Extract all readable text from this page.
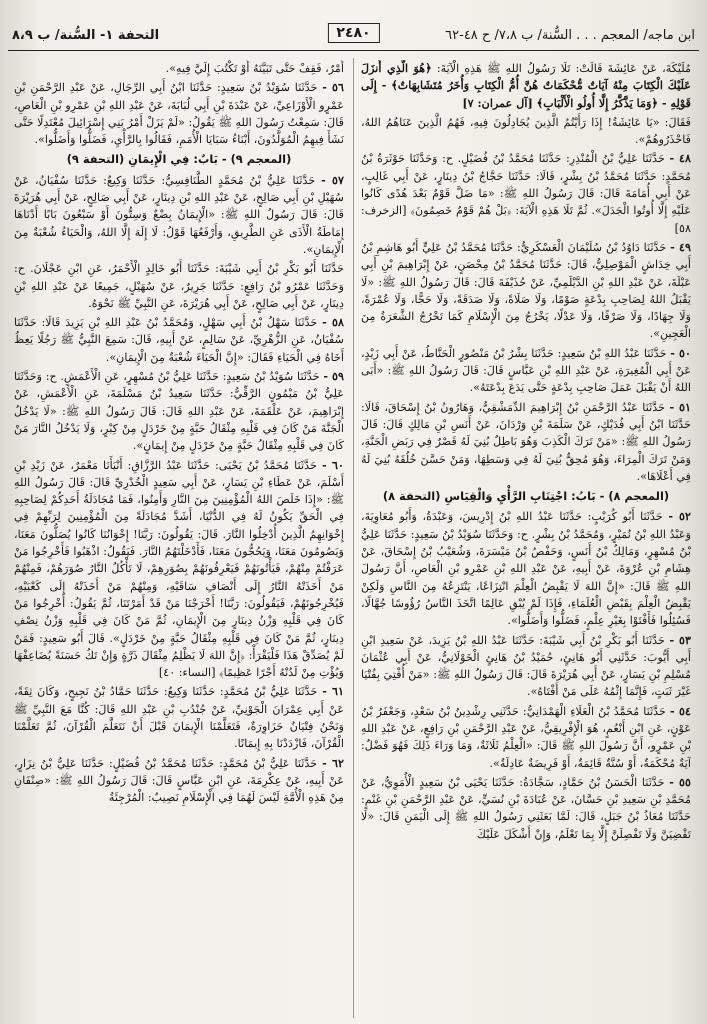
ابن ماجه/ المعجم . . . السُّنة/ ب ٧،٨/ ح ٤٨-٦٢
٢٤٨٠
التحفة ١- السُّنة/ ب ٨،٩

مُلَيْكَةَ، عَنْ عَائِشَةَ قَالَتْ: تَلَا رَسُولُ اللهِ ﷺ هَذِهِ الْآيَةَ: ﴿هُوَ الَّذِي أَنزَلَ عَلَيْكَ الْكِتَابَ مِنْهُ آيَاتٌ مُّحْكَمَاتٌ هُنَّ أُمُّ الْكِتَابِ وَأُخَرُ مُتَشَابِهَاتٌ﴾ - إِلَى قَوْلِهِ - ﴿وَمَا يَذَّكَّرُ إِلَّا أُولُو الْأَلْبَابِ﴾ [آل عمران: ٧]

فَقَالَ: «يَا عَائِشَةُ! إِذَا رَأَيْتُمُ الَّذِينَ يُجَادِلُونَ فِيهِ، فَهُمُ الَّذِينَ عَنَاهُمُ اللهُ، فَاحْذَرُوهُمْ».

٤٨ - حَدَّثَنَا عَلِيُّ بْنُ الْمُنْذِرِ: حَدَّثَنَا مُحَمَّدُ بْنُ فُضَيْلٍ. ح: وَحَدَّثَنَا حَوْثَرَةُ بْنُ مُحَمَّدٍ: حَدَّثَنَا مُحَمَّدُ بْنُ بِشْرٍ، قَالَا: حَدَّثَنَا حَجَّاجُ بْنُ دِينَارٍ، عَنْ أَبِي غَالِبٍ، عَنْ أَبِي أُمَامَةَ قَالَ: قَالَ رَسُولُ اللهِ ﷺ: «مَا ضَلَّ قَوْمٌ بَعْدَ هُدًى كَانُوا عَلَيْهِ إِلَّا أُوتُوا الْجَدَلَ». ثُمَّ تَلَا هَذِهِ الْآيَةَ: ﴿بَلْ هُمْ قَوْمٌ خَصِمُونَ﴾ [الزخرف: ٥٨]

٤٩ - حَدَّثَنَا دَاوُدُ بْنُ سُلَيْمَانَ الْعَسْكَرِيُّ: حَدَّثَنَا مُحَمَّدُ بْنُ عَلِيٍّ أَبُو هَاشِمِ بْنُ أَبِي خِدَاشٍ الْمَوْصِلِيُّ، قَالَ: حَدَّثَنَا مُحَمَّدُ بْنُ مِحْصَنٍ، عَنْ إِبْرَاهِيمَ بْنِ أَبِي عَبْلَةَ، عَنْ عَبْدِ اللهِ بْنِ الدَّيْلَمِيِّ، عَنْ حُذَيْفَةَ قَالَ: قَالَ رَسُولُ اللهِ ﷺ: «لَا يَقْبَلُ اللهُ لِصَاحِبِ بِدْعَةٍ صَوْمًا، وَلَا صَلَاةً، وَلَا صَدَقَةً، وَلَا حَجًّا، وَلَا عُمْرَةً، وَلَا جِهَادًا، وَلَا صَرْفًا، وَلَا عَدْلًا، يَخْرُجُ مِنَ الْإِسْلَامِ كَمَا تَخْرُجُ الشَّعَرَةُ مِنَ الْعَجِينِ».

٥٠ - حَدَّثَنَا عَبْدُ اللهِ بْنُ سَعِيدٍ: حَدَّثَنَا بِشْرُ بْنُ مَنْصُورٍ الْحَنَّاطُ، عَنْ أَبِي زَيْدٍ، عَنْ أَبِي الْمُغِيرَةِ، عَنْ عَبْدِ اللهِ بْنِ عَبَّاسٍ قَالَ: قَالَ رَسُولُ اللهِ ﷺ: «أَبَى اللهُ أَنْ يَقْبَلَ عَمَلَ صَاحِبِ بِدْعَةٍ حَتَّى يَدَعَ بِدْعَتَهُ».

٥١ - حَدَّثَنَا عَبْدُ الرَّحْمَنِ بْنُ إِبْرَاهِيمَ الدِّمَشْقِيُّ، وَهَارُونُ بْنُ إِسْحَاقَ، قَالَا: حَدَّثَنَا ابْنُ أَبِي فُدَيْكٍ، عَنْ سَلَمَةَ بْنِ وَرْدَانَ، عَنْ أَنَسِ بْنِ مَالِكٍ قَالَ: قَالَ رَسُولُ اللهِ ﷺ: «مَنْ تَرَكَ الْكَذِبَ وَهُوَ بَاطِلٌ بُنِيَ لَهُ قَصْرٌ فِي رَبَضِ الْجَنَّةِ، وَمَنْ تَرَكَ الْمِرَاءَ، وَهُوَ مُحِقٌّ بُنِيَ لَهُ فِي وَسَطِهَا، وَمَنْ حَسَّنَ خُلُقَهُ بُنِيَ لَهُ فِي أَعْلَاهَا».

(المعجم ٨) - بَابُ: اجْتِنَابِ الرَّأْيِ وَالْقِيَاسِ (التحفة ٨)

٥٢ - حَدَّثَنَا أَبُو كُرَيْبٍ: حَدَّثَنَا عَبْدُ اللهِ بْنُ إِدْرِيسَ، وَعَبْدَةُ، وَأَبُو مُعَاوِيَةَ، وَعَبْدُ اللهِ بْنُ نُمَيْرٍ، وَمُحَمَّدُ بْنُ بِشْرٍ. ح: وَحَدَّثَنَا سُوَيْدُ بْنُ سَعِيدٍ: حَدَّثَنَا عَلِيُّ بْنُ مُسْهِرٍ، وَمَالِكُ بْنُ أَنَسٍ، وَحَفْصُ بْنُ مَيْسَرَةَ، وَشُعَيْبُ بْنُ إِسْحَاقَ، عَنْ هِشَامِ بْنِ عُرْوَةَ، عَنْ أَبِيهِ، عَنْ عَبْدِ اللهِ بْنِ عَمْرِو بْنِ الْعَاصِ، أَنَّ رَسُولَ اللهِ ﷺ قَالَ: «إِنَّ اللهَ لَا يَقْبِضُ الْعِلْمَ انْتِزَاعًا، يَنْتَزِعُهُ مِنَ النَّاسِ وَلَكِنْ يَقْبِضُ الْعِلْمَ بِقَبْضِ الْعُلَمَاءِ، فَإِذَا لَمْ يُبْقِ عَالِمًا اتَّخَذَ النَّاسُ رُؤُوسًا جُهَّالًا، فَسُئِلُوا فَأَفْتَوْا بِغَيْرِ عِلْمٍ، فَضَلُّوا وَأَضَلُّوا».

٥٣ - حَدَّثَنَا أَبُو بَكْرِ بْنُ أَبِي شَيْبَةَ: حَدَّثَنَا عَبْدُ اللهِ بْنُ يَزِيدَ، عَنْ سَعِيدِ ابْنِ أَبِي أَيُّوبَ: حَدَّثَنِي أَبُو هَانِئٍ، حُمَيْدُ بْنُ هَانِئٍ الْخَوْلَانِيُّ، عَنْ أَبِي عُثْمَانَ مُسْلِمِ بْنِ يَسَارٍ، عَنْ أَبِي هُرَيْرَةَ قَالَ: قَالَ رَسُولُ اللهِ ﷺ: «مَنْ أُفْتِيَ بِفُتْيَا غَيْرَ ثَبَتٍ، فَإِنَّمَا إِثْمُهُ عَلَى مَنْ أَفْتَاهُ».

٥٤ - حَدَّثَنَا مُحَمَّدُ بْنُ الْعَلَاءِ الْهَمْدَانِيُّ: حَدَّثَنِي رِشْدِينُ بْنُ سَعْدٍ، وَجَعْفَرُ بْنُ عَوْنٍ، عَنِ ابْنِ أَنْعُمٍ، هُوَ الْإِفْرِيقِيُّ، عَنْ عَبْدِ الرَّحْمَنِ بْنِ رَافِعٍ، عَنْ عَبْدِ اللهِ بْنِ عَمْرٍو، أَنَّ رَسُولَ اللهِ ﷺ قَالَ: «الْعِلْمُ ثَلَاثَةٌ، وَمَا وَرَاءَ ذَلِكَ فَهُوَ فَضْلٌ: آيَةٌ مُحْكَمَةٌ، أَوْ سُنَّةٌ قَائِمَةٌ، أَوْ فَرِيضَةٌ عَادِلَةٌ».

٥٥ - حَدَّثَنَا الْحَسَنُ بْنُ حَمَّادٍ، سَجَّادَةُ: حَدَّثَنَا يَحْيَى بْنُ سَعِيدٍ الْأُمَوِيُّ، عَنْ مُحَمَّدِ بْنِ سَعِيدِ بْنِ حَسَّانَ، عَنْ عُبَادَةَ بْنِ نُسَيٍّ، عَنْ عَبْدِ الرَّحْمَنِ بْنِ غَنْمٍ: حَدَّثَنَا مُعَاذُ بْنُ جَبَلٍ، قَالَ: لَمَّا بَعَثَنِي رَسُولُ اللهِ ﷺ إِلَى الْيَمَنِ قَالَ: «لَا تَقْضِيَنَّ وَلَا تَفْصِلَنَّ إِلَّا بِمَا تَعْلَمُ، وَإِنْ أَشْكَلَ عَلَيْكَ

أَمْرٌ، فَقِفْ حَتَّى تَبَيَّنَهُ أَوْ تَكْتُبَ إِلَيَّ فِيهِ».

٥٦ - حَدَّثَنَا سُوَيْدُ بْنُ سَعِيدٍ: حَدَّثَنَا ابْنُ أَبِي الرِّجَالِ، عَنْ عَبْدِ الرَّحْمَنِ بْنِ عَمْرٍو الْأَوْزَاعِيِّ، عَنْ عَبْدَةَ بْنِ أَبِي لُبَابَةَ، عَنْ عَبْدِ اللهِ بْنِ عَمْرِو بْنِ الْعَاصِ، قَالَ: سَمِعْتُ رَسُولَ اللهِ ﷺ يَقُولُ: «لَمْ يَزَلْ أَمْرُ بَنِي إِسْرَائِيلَ مُعْتَدِلًا حَتَّى نَشَأَ فِيهِمُ الْمُوَلَّدُونَ، أَبْنَاءُ سَبَايَا الْأُمَمِ، فَقَالُوا بِالرَّأْيِ، فَضَلُّوا وَأَضَلُّوا».

(المعجم ٩) - بَابٌ: فِي الْإِيمَانِ (التحفة ٩)

٥٧ - حَدَّثَنَا عَلِيُّ بْنُ مُحَمَّدٍ الطَّنَافِسِيُّ: حَدَّثَنَا وَكِيعٌ: حَدَّثَنَا سُفْيَانُ، عَنْ سُهَيْلِ بْنِ أَبِي صَالِحٍ، عَنْ عَبْدِ اللهِ بْنِ دِينَارٍ، عَنْ أَبِي صَالِحٍ، عَنْ أَبِي هُرَيْرَةَ قَالَ: قَالَ رَسُولُ اللهِ ﷺ: «الْإِيمَانُ بِضْعٌ وَسِتُّونَ أَوْ سَبْعُونَ بَابًا أَدْنَاهَا إِمَاطَةُ الْأَذَى عَنِ الطَّرِيقِ، وَأَرْفَعُهَا قَوْلُ: لَا إِلَهَ إِلَّا اللهُ، وَالْحَيَاءُ شُعْبَةٌ مِنَ الْإِيمَانِ».

حَدَّثَنَا أَبُو بَكْرِ بْنُ أَبِي شَيْبَةَ: حَدَّثَنَا أَبُو خَالِدٍ الْأَحْمَرُ، عَنِ ابْنِ عَجْلَانَ. ح: وَحَدَّثَنَا عَمْرُو بْنُ رَافِعٍ: حَدَّثَنَا جَرِيرٌ، عَنْ سُهَيْلٍ، جَمِيعًا عَنْ عَبْدِ اللهِ بْنِ دِينَارٍ، عَنْ أَبِي صَالِحٍ، عَنْ أَبِي هُرَيْرَةَ، عَنِ النَّبِيِّ ﷺ نَحْوَهُ.

٥٨ - حَدَّثَنَا سَهْلُ بْنُ أَبِي سَهْلٍ، وَمُحَمَّدُ بْنُ عَبْدِ اللهِ بْنِ يَزِيدَ قَالَا: حَدَّثَنَا سُفْيَانُ، عَنِ الزُّهْرِيِّ، عَنْ سَالِمٍ، عَنْ أَبِيهِ، قَالَ: سَمِعَ النَّبِيُّ ﷺ رَجُلًا يَعِظُ أَخَاهُ فِي الْحَيَاءِ فَقَالَ: «إِنَّ الْحَيَاءَ شُعْبَةٌ مِنَ الْإِيمَانِ».

٥٩ - حَدَّثَنَا سُوَيْدُ بْنُ سَعِيدٍ: حَدَّثَنَا عَلِيُّ بْنُ مُسْهِرٍ، عَنِ الْأَعْمَشِ. ح: وَحَدَّثَنَا عَلِيُّ بْنُ مَيْمُونٍ الرَّقِّيُّ: حَدَّثَنَا سَعِيدُ بْنُ مَسْلَمَةَ، عَنِ الْأَعْمَشِ، عَنْ إِبْرَاهِيمَ، عَنْ عَلْقَمَةَ، عَنْ عَبْدِ اللهِ قَالَ: قَالَ رَسُولُ اللهِ ﷺ: «لَا يَدْخُلُ الْجَنَّةَ مَنْ كَانَ فِي قَلْبِهِ مِثْقَالُ حَبَّةٍ مِنْ خَرْدَلٍ مِنْ كِبْرٍ، وَلَا يَدْخُلُ النَّارَ مَنْ كَانَ فِي قَلْبِهِ مِثْقَالُ حَبَّةٍ مِنْ خَرْدَلٍ مِنْ إِيمَانٍ».

٦٠ - حَدَّثَنَا مُحَمَّدُ بْنُ يَحْيَى: حَدَّثَنَا عَبْدُ الرَّزَّاقِ: أَنْبَأَنَا مَعْمَرٌ، عَنْ زَيْدِ بْنِ أَسْلَمَ، عَنْ عَطَاءِ بْنِ يَسَارٍ، عَنْ أَبِي سَعِيدٍ الْخُدْرِيِّ قَالَ: قَالَ رَسُولُ اللهِ ﷺ: «إِذَا خَلَصَ اللهُ الْمُؤْمِنِينَ مِنَ النَّارِ وَأَمِنُوا، فَمَا مُجَادَلَةُ أَحَدِكُمْ لِصَاحِبِهِ فِي الْحَقِّ يَكُونُ لَهُ فِي الدُّنْيَا، أَشَدَّ مُجَادَلَةً مِنَ الْمُؤْمِنِينَ لِرَبِّهِمْ فِي إِخْوَانِهِمُ الَّذِينَ أُدْخِلُوا النَّارَ. قَالَ: يَقُولُونَ: رَبَّنَا! إِخْوَانُنَا كَانُوا يُصَلُّونَ مَعَنَا، وَيَصُومُونَ مَعَنَا، وَيَحُجُّونَ مَعَنَا، فَأَدْخَلْتَهُمُ النَّارَ. فَيَقُولُ: اذْهَبُوا فَأَخْرِجُوا مَنْ عَرَفْتُمْ مِنْهُمْ، فَيَأْتُونَهُمْ فَيَعْرِفُونَهُمْ بِصُوَرِهِمْ، لَا تَأْكُلُ النَّارُ صُوَرَهُمْ، فَمِنْهُمْ مَنْ أَخَذَتْهُ النَّارُ إِلَى أَنْصَافِ سَاقَيْهِ، وَمِنْهُمْ مَنْ أَخَذَتْهُ إِلَى كَعْبَيْهِ، فَيُخْرِجُونَهُمْ، فَيَقُولُونَ: رَبَّنَا! أَخْرَجْنَا مَنْ قَدْ أَمَرْتَنَا، ثُمَّ يَقُولُ: أَخْرِجُوا مَنْ كَانَ فِي قَلْبِهِ وَزْنُ دِينَارٍ مِنَ الْإِيمَانِ، ثُمَّ مَنْ كَانَ فِي قَلْبِهِ وَزْنُ نِصْفِ دِينَارٍ، ثُمَّ مَنْ كَانَ فِي قَلْبِهِ مِثْقَالُ حَبَّةٍ مِنْ خَرْدَلٍ». قَالَ أَبُو سَعِيدٍ: فَمَنْ لَمْ يُصَدِّقْ هَذَا فَلْيَقْرَأْ: ﴿إِنَّ اللهَ لَا يَظْلِمُ مِثْقَالَ ذَرَّةٍ وَإِنْ تَكُ حَسَنَةً يُضَاعِفْهَا وَيُؤْتِ مِنْ لَدُنْهُ أَجْرًا عَظِيمًا﴾ [النساء: ٤٠]

٦١ - حَدَّثَنَا عَلِيُّ بْنُ مُحَمَّدٍ: حَدَّثَنَا وَكِيعٌ: حَدَّثَنَا حَمَّادُ بْنُ نَجِيحٍ، وَكَانَ ثِقَةً، عَنْ أَبِي عِمْرَانَ الْجَوْنِيِّ، عَنْ جُنْدُبِ بْنِ عَبْدِ اللهِ قَالَ: كُنَّا مَعَ النَّبِيِّ ﷺ وَنَحْنُ فِتْيَانٌ حَزَاوِرَةٌ، فَتَعَلَّمْنَا الْإِيمَانَ قَبْلَ أَنْ نَتَعَلَّمَ الْقُرْآنَ، ثُمَّ تَعَلَّمْنَا الْقُرْآنَ، فَازْدَدْنَا بِهِ إِيمَانًا.

٦٢ - حَدَّثَنَا عَلِيُّ بْنُ مُحَمَّدٍ: حَدَّثَنَا مُحَمَّدُ بْنُ فُضَيْلٍ: حَدَّثَنَا عَلِيُّ بْنُ نِزَارٍ، عَنْ أَبِيهِ، عَنْ عِكْرِمَةَ، عَنِ ابْنِ عَبَّاسٍ قَالَ: قَالَ رَسُولُ اللهِ ﷺ: «صِنْفَانِ مِنْ هَذِهِ الْأُمَّةِ لَيْسَ لَهُمَا فِي الْإِسْلَامِ نَصِيبٌ: الْمُرْجِئَةُ
